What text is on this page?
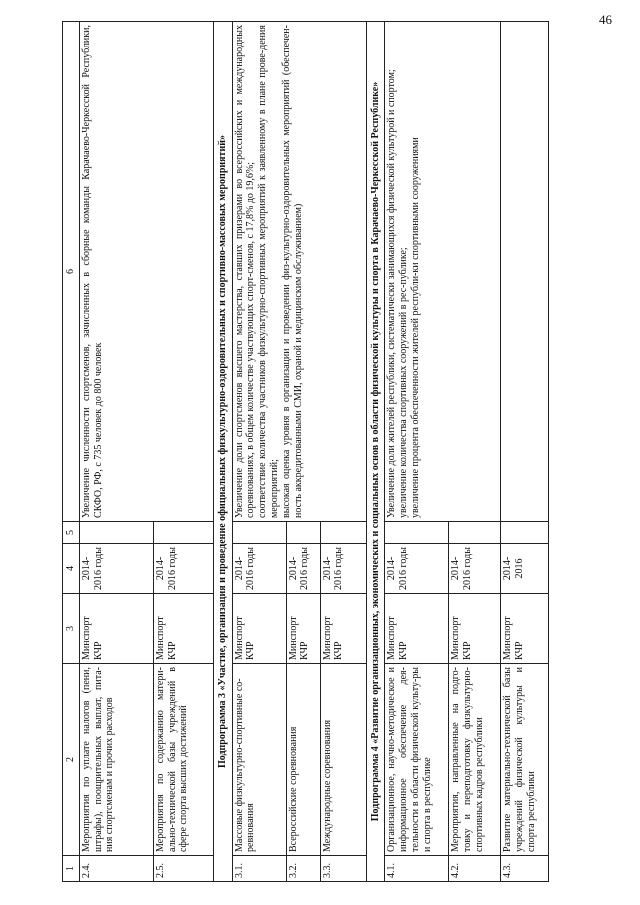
46
1	2	3	4	5	6
2.4.	Мероприятия по уплате налогов (пени, штрафы), поощрительных выплат, пита-ния спортсменам и прочих расходов	Минспорт КЧР	2014-2016 годы		Увеличение численности спортсменов, зачисленных в сборные команды Карачаево-Черкесской Республики, СКФО, РФ, с 735 человек до 800 человек
2.5.	Мероприятия по содержанию матери-ально-технической базы учреждений в сфере спорта высших достижений	Минспорт КЧР	2014-2016 годы		
Подпрограмма 3 «Участие, организация и проведение официальных физкультурно-оздоровительных и спортивно-массовых мероприятий»					
3.1.	Массовые физкультурно-спортивные со-ревнования	Минспорт КЧР	2014-2016 годы		Увеличение доли спортсменов высшего мастерства, ставших призерами во всероссийских и международных соревнованиях, в общем количестве участвующих спорт-сменов, с 17,8% до 19,6%; соответствие количества участников физкультурно-спортивных мероприятий к заявленному в плане прове-дения мероприятий; высокая оценка уровня в организации и проведении физ-культурно-оздоровительных мероприятий (обеспечен-ность аккредитованными СМИ, охраной и медицинским обслуживанием)

3.2.	Всероссийские соревнования	Минспорт КЧР	2014-2016 годы		
3.3.	Международные соревнования	Минспорт КЧР	2014-2016 годы		
Подпрограмма 4 «Развитие организационных, экономических и социальных основ в области физической культуры и спорта в Карачаево-Черкесской Республике»					
4.1.	Организационное, научно-методическое и информационное обеспечение дея-тельности в области физической культу-ры и спорта в республике	Минспорт КЧР	2014-2016 годы		Увеличение доли жителей республики, систематически занимающихся физической культурой и спортом; увеличение количества спортивных сооружений в рес-публике; увеличение процента обеспеченности жителей республи-ки спортивными сооружениями

4.2.	Мероприятия, направленные на подго-товку и переподготовку физкультурно-спортивных кадров республики	Минспорт КЧР	2014-2016 годы		
4.3.	Развитие материально-технической базы учреждений физической культуры и спорта республики	Минспорт КЧР	2014-2016		
